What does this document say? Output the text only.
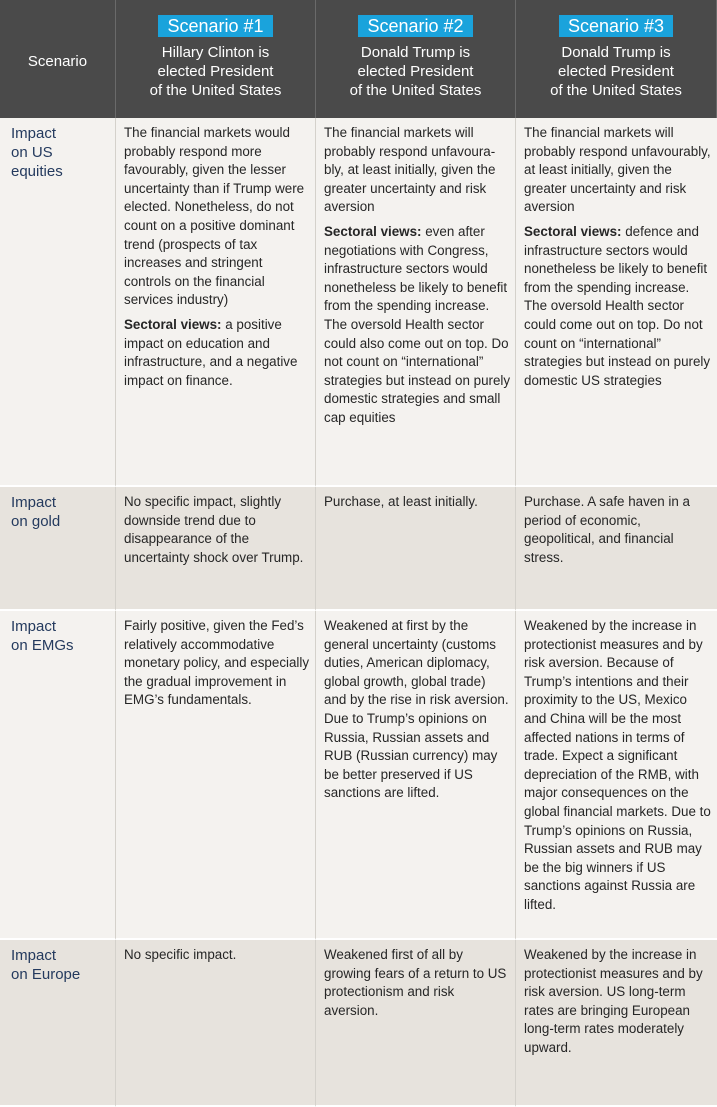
Scenario
Scenario #1
Hillary Clinton is
elected President
of the United States
Scenario #2
Donald Trump is
elected President
of the United States
Scenario #3
Donald Trump is
elected President
of the United States
Impact
on US
equities

The financial markets would probably respond more favourably, given the lesser uncertainty than if Trump were elected. Nonetheless, do not count on a positive dominant trend (prospects of tax increases and stringent controls on the financial services industry)

Sectoral views: a positive impact on education and infrastructure, and a negative impact on finance.

The financial markets will probably respond unfavoura-bly, at least initially, given the greater uncertainty and risk aversion

Sectoral views: even after negotiations with Congress, infrastructure sectors would nonetheless be likely to benefit from the spending increase. The oversold Health sector could also come out on top. Do not count on “international” strategies but instead on purely domestic strategies and small cap equities

The financial markets will probably respond unfavourably, at least initially, given the greater uncertainty and risk aversion

Sectoral views: defence and infrastructure sectors would nonetheless be likely to benefit from the spending increase. The oversold Health sector could come out on top. Do not count on “international” strategies but instead on purely domestic US strategies

Impact
on gold

No specific impact, slightly downside trend due to disappearance of the uncertainty shock over Trump.

Purchase, at least initially.	Purchase. A safe haven in a period of economic, geopolitical, and financial stress.

Impact
on EMGs

Fairly positive, given the Fed’s relatively accommodative monetary policy, and especially the gradual improvement in EMG’s fundamentals.

Weakened at first by the general uncertainty (customs duties, American diplomacy, global growth, global trade) and by the rise in risk aversion. Due to Trump’s opinions on Russia, Russian assets and RUB (Russian currency) may be better preserved if US sanctions are lifted.

Weakened by the increase in protectionist measures and by risk aversion. Because of Trump’s intentions and their proximity to the US, Mexico and China will be the most affected nations in terms of trade. Expect a significant depreciation of the RMB, with major consequences on the global financial markets. Due to Trump’s opinions on Russia, Russian assets and RUB may be the big winners if US sanctions against Russia are lifted.

Impact
on Europe

No specific impact.	Weakened first of all by growing fears of a return to US protectionism and risk aversion.

Weakened by the increase in protectionist measures and by risk aversion. US long-term rates are bringing European long-term rates moderately upward.
